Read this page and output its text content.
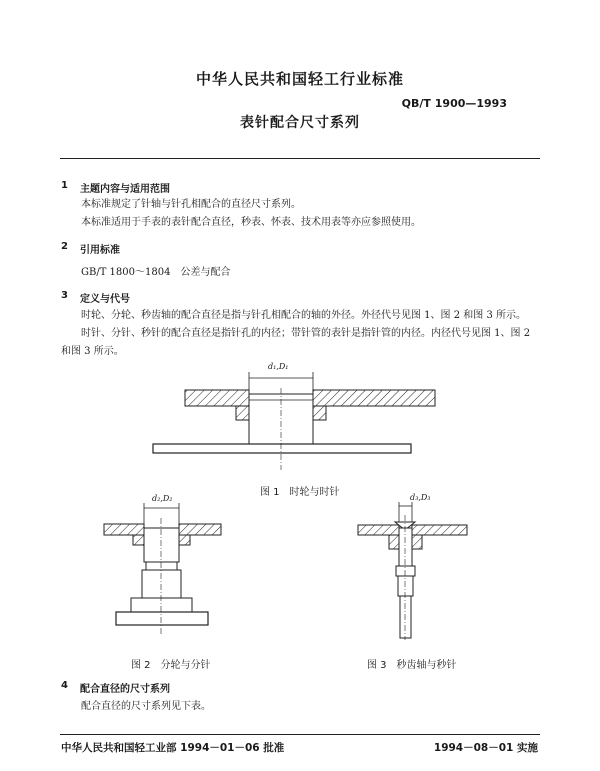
中华人民共和国轻工行业标准
QB/T 1900—1993
表针配合尺寸系列
1 主题内容与适用范围
本标准规定了针轴与针孔相配合的直径尺寸系列。
本标准适用于手表的表针配合直径，秒表、怀表、技术用表等亦应参照使用。
2 引用标准
GB/T 1800～1804　公差与配合
3 定义与代号
时轮、分轮、秒齿轴的配合直径是指与针孔相配合的轴的外径。外径代号见图 1、图 2 和图 3 所示。
时针、分针、秒针的配合直径是指针孔的内径；带针管的表针是指针管的内径。内径代号见图 1、图 2
和图 3 所示。
d₁,D₁
图 1　时轮与时针
d₂,D₂
图 2　分轮与分针
d₃,D₃
图 3　秒齿轴与秒针
4 配合直径的尺寸系列
配合直径的尺寸系列见下表。
中华人民共和国轻工业部 1994－01－06 批准	1994－08－01 实施
